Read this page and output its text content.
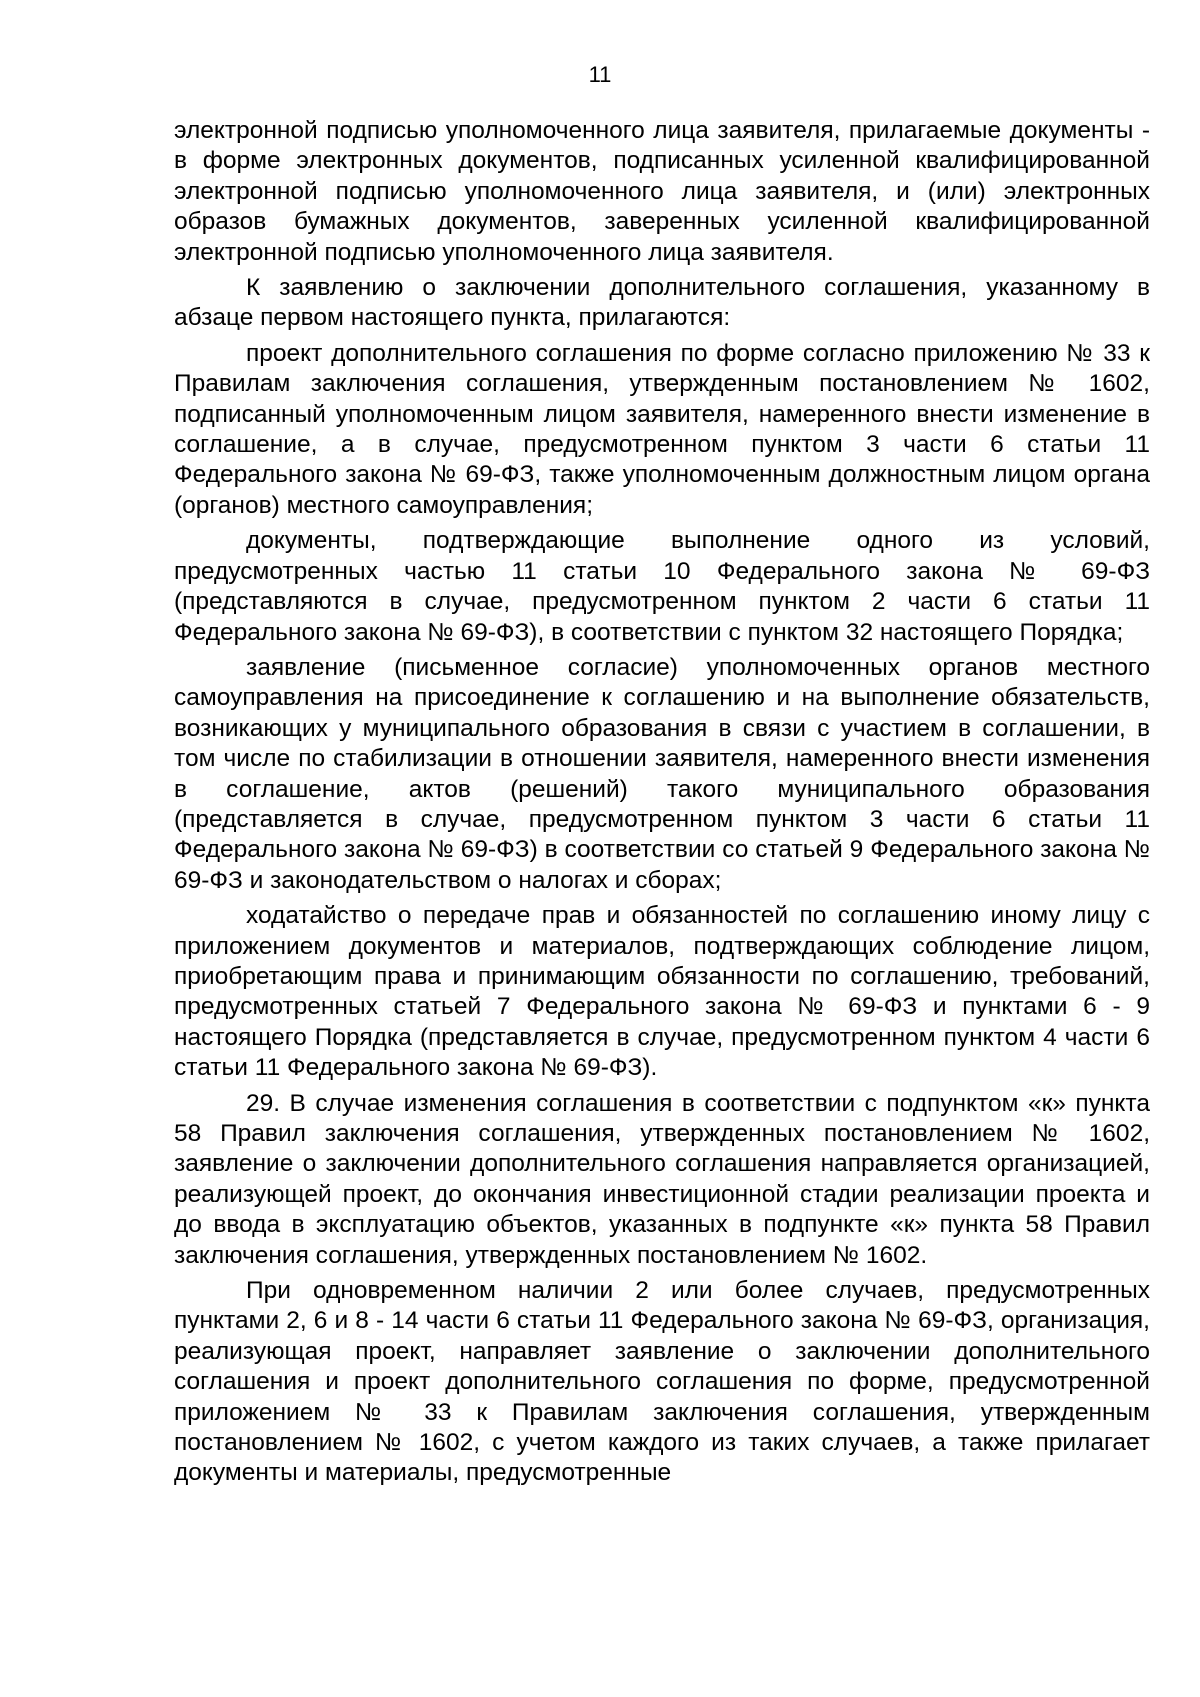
11

электронной подписью уполномоченного лица заявителя, прилагаемые документы - в форме электронных документов, подписанных усиленной квалифицированной электронной подписью уполномоченного лица заявителя, и (или) электронных образов бумажных документов, заверенных усиленной квалифицированной электронной подписью уполномоченного лица заявителя.

К заявлению о заключении дополнительного соглашения, указанному в абзаце первом настоящего пункта, прилагаются:

проект дополнительного соглашения по форме согласно приложению № 33 к Правилам заключения соглашения, утвержденным постановлением № 1602, подписанный уполномоченным лицом заявителя, намеренного внести изменение в соглашение, а в случае, предусмотренном пунктом 3 части 6 статьи 11 Федерального закона № 69-ФЗ, также уполномоченным должностным лицом органа (органов) местного самоуправления;

документы, подтверждающие выполнение одного из условий, предусмотренных частью 11 статьи 10 Федерального закона № 69-ФЗ (представляются в случае, предусмотренном пунктом 2 части 6 статьи 11 Федерального закона № 69-ФЗ), в соответствии с пунктом 32 настоящего Порядка;

заявление (письменное согласие) уполномоченных органов местного самоуправления на присоединение к соглашению и на выполнение обязательств, возникающих у муниципального образования в связи с участием в соглашении, в том числе по стабилизации в отношении заявителя, намеренного внести изменения в соглашение, актов (решений) такого муниципального образования (представляется в случае, предусмотренном пунктом 3 части 6 статьи 11 Федерального закона № 69-ФЗ) в соответствии со статьей 9 Федерального закона № 69-ФЗ и законодательством о налогах и сборах;

ходатайство о передаче прав и обязанностей по соглашению иному лицу с приложением документов и материалов, подтверждающих соблюдение лицом, приобретающим права и принимающим обязанности по соглашению, требований, предусмотренных статьей 7 Федерального закона № 69-ФЗ и пунктами 6 - 9 настоящего Порядка (представляется в случае, предусмотренном пунктом 4 части 6 статьи 11 Федерального закона № 69-ФЗ).

29. В случае изменения соглашения в соответствии с подпунктом «к» пункта 58 Правил заключения соглашения, утвержденных постановлением № 1602, заявление о заключении дополнительного соглашения направляется организацией, реализующей проект, до окончания инвестиционной стадии реализации проекта и до ввода в эксплуатацию объектов, указанных в подпункте «к» пункта 58 Правил заключения соглашения, утвержденных постановлением № 1602.

При одновременном наличии 2 или более случаев, предусмотренных пунктами 2, 6 и 8 - 14 части 6 статьи 11 Федерального закона № 69-ФЗ, организация, реализующая проект, направляет заявление о заключении дополнительного соглашения и проект дополнительного соглашения по форме, предусмотренной приложением № 33 к Правилам заключения соглашения, утвержденным постановлением № 1602, с учетом каждого из таких случаев, а также прилагает документы и материалы, предусмотренные
